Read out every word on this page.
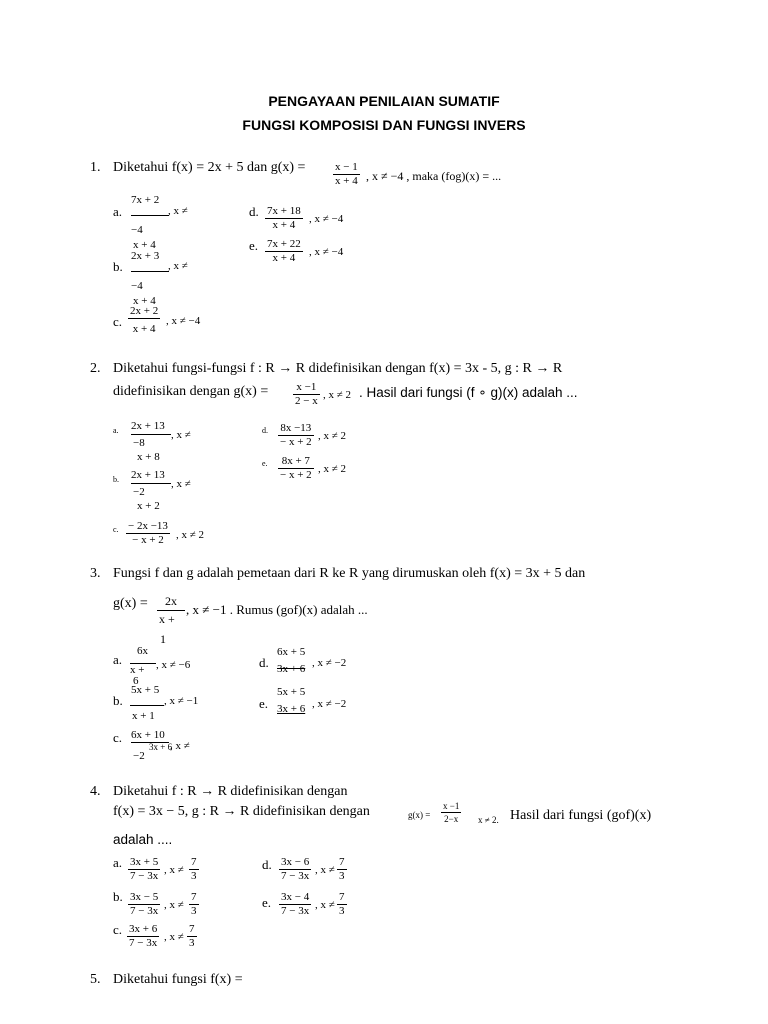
PENGAYAAN PENILAIAN SUMATIF
FUNGSI KOMPOSISI DAN FUNGSI INVERS
1. Diketahui f(x) = 2x + 5 dan g(x) =	$\frac{x - 1}{x + 4}$ , x ≠ −4 , maka (fog)(x) = ...
a.
7x + 2
, x ≠
−4
x + 4
b.
2x + 3
, x ≠
−4
x + 4
c. $\frac{2x + 2}{x + 4}$ , x ≠ −4
d. $\frac{7x + 18}{x + 4}$ , x ≠ −4
e. $\frac{7x + 22}{x + 4}$ , x ≠ −4
2. Diketahui fungsi-fungsi f : R → R didefinisikan dengan f(x) = 3x - 5, g : R → R
didefinisikan dengan $g(x) = \frac{x -1}{2 - x}$ , x ≠ 2 . Hasil dari fungsi (f ∘ g)(x) adalah ...
a. 2x + 13
, x ≠
−8
x + 8
b. 2x + 13
, x ≠
−2
x + 2
c. $\frac{- 2x -13}{- x + 2}$ , x ≠ 2
d. $\frac{8x -13}{- x + 2}$ , x ≠ 2
e. $\frac{8x + 7}{- x + 2}$ , x ≠ 2
3. Fungsi f dan g adalah pemetaan dari R ke R yang dirumuskan oleh f(x) = 3x + 5 dan
g(x) = 2x
x +
1
, x ≠ −1 . Rumus (gof)(x) adalah ...
a.
6x
x +
6
, x ≠ −6
b.
5x + 5
x + 1
, x ≠ −1
c. 6x + 10
3x + 6
, x ≠
−2
d.
6x + 5
3x + 6 , x ≠ −2
e.
5x + 5
3x + 6 , x ≠ −2
4. Diketahui f : R → R didefinisikan dengan
f(x) = 3x − 5, g : R → R didefinisikan dengan	$g(x) = \frac{x -1}{2-x}$ x ≠ 2. Hasil dari fungsi (gof)(x)
adalah ....
a. $\frac{3x + 5}{7 - 3x}$ , $x \ne \frac{7}{3}$
b. $\frac{3x - 5}{7 - 3x}$ , $x \ne \frac{7}{3}$
c. $\frac{3x + 6}{7 - 3x}$ , $x \ne \frac{7}{3}$
d. $\frac{3x - 6}{7 - 3x}$ , $x \ne \frac{7}{3}$
e. $\frac{3x - 4}{7 - 3x}$ , $x \ne \frac{7}{3}$
5. Diketahui fungsi f(x) =
